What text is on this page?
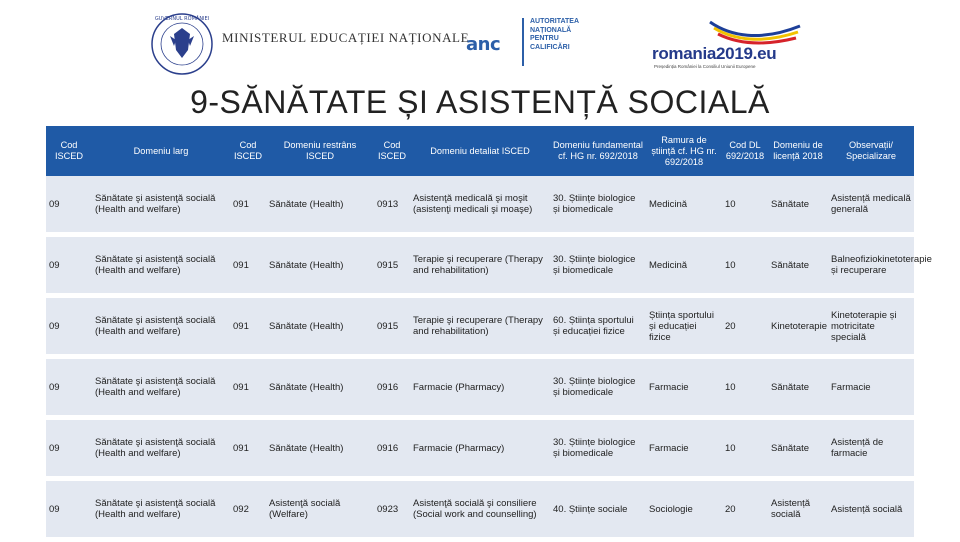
GUVERNUL ROMÂNIEI
MINISTERUL EDUCAȚIEI NAȚIONALE
anc
AUTORITATEA NAȚIONALĂ PENTRU CALIFICĂRI	romania2019.eu
Președinția României la Consiliul Uniunii Europene
9-SĂNĂTATE ȘI ASISTENȚĂ SOCIALĂ
Cod ISCED	Domeniu larg	Cod ISCED	Domeniu restrâns ISCED	Cod ISCED	Domeniu detaliat ISCED	Domeniu fundamental cf. HG nr. 692/2018	Ramura de știință cf. HG nr. 692/2018	Cod DL 692/2018	Domeniu de licență 2018	Observații/ Specializare
09	Sănătate şi asistenţă socială (Health and welfare)	091	Sănătate (Health)	0913	Asistenţă medicală şi moşit (asistenţi medicali şi moaşe)	30. Științe biologice și biomedicale	Medicină	10	Sănătate	Asistență medicală generală
09	Sănătate şi asistenţă socială (Health and welfare)	091	Sănătate (Health)	0915	Terapie şi recuperare (Therapy and rehabilitation)	30. Științe biologice și biomedicale	Medicină	10	Sănătate	Balneofiziokinetoterapie și recuperare
09	Sănătate şi asistenţă socială (Health and welfare)	091	Sănătate (Health)	0915	Terapie şi recuperare (Therapy and rehabilitation)	60. Știința sportului și educației fizice	Știința sportului și educației fizice	20	Kinetoterapie	Kinetoterapie și motricitate specială
09	Sănătate şi asistenţă socială (Health and welfare)	091	Sănătate (Health)	0916	Farmacie (Pharmacy)	30. Științe biologice și biomedicale	Farmacie	10	Sănătate	Farmacie
09	Sănătate şi asistenţă socială (Health and welfare)	091	Sănătate (Health)	0916	Farmacie (Pharmacy)	30. Științe biologice și biomedicale	Farmacie	10	Sănătate	Asistență de farmacie
09	Sănătate şi asistenţă socială (Health and welfare)	092	Asistenţă socială (Welfare)	0923	Asistenţă socială şi consiliere (Social work and counselling)	40. Științe sociale	Sociologie	20	Asistență socială	Asistență socială
